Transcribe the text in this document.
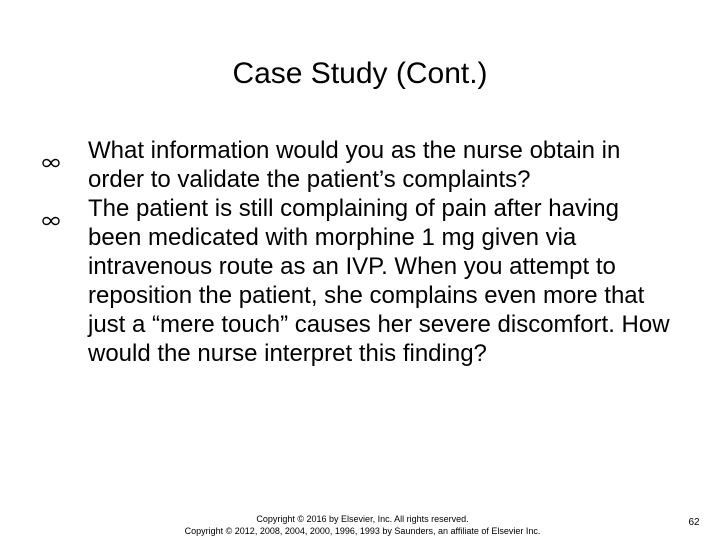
Case Study (Cont.)

What information would you as the nurse obtain in order to validate the patient’s complaints?

The patient is still complaining of pain after having been medicated with morphine 1 mg given via intravenous route as an IVP. When you attempt to reposition the patient, she complains even more that just a “mere touch” causes her severe discomfort. How would the nurse interpret this finding?

Copyright © 2016 by Elsevier, Inc. All rights reserved.
Copyright © 2012, 2008, 2004, 2000, 1996, 1993 by Saunders, an affiliate of Elsevier Inc.
62
